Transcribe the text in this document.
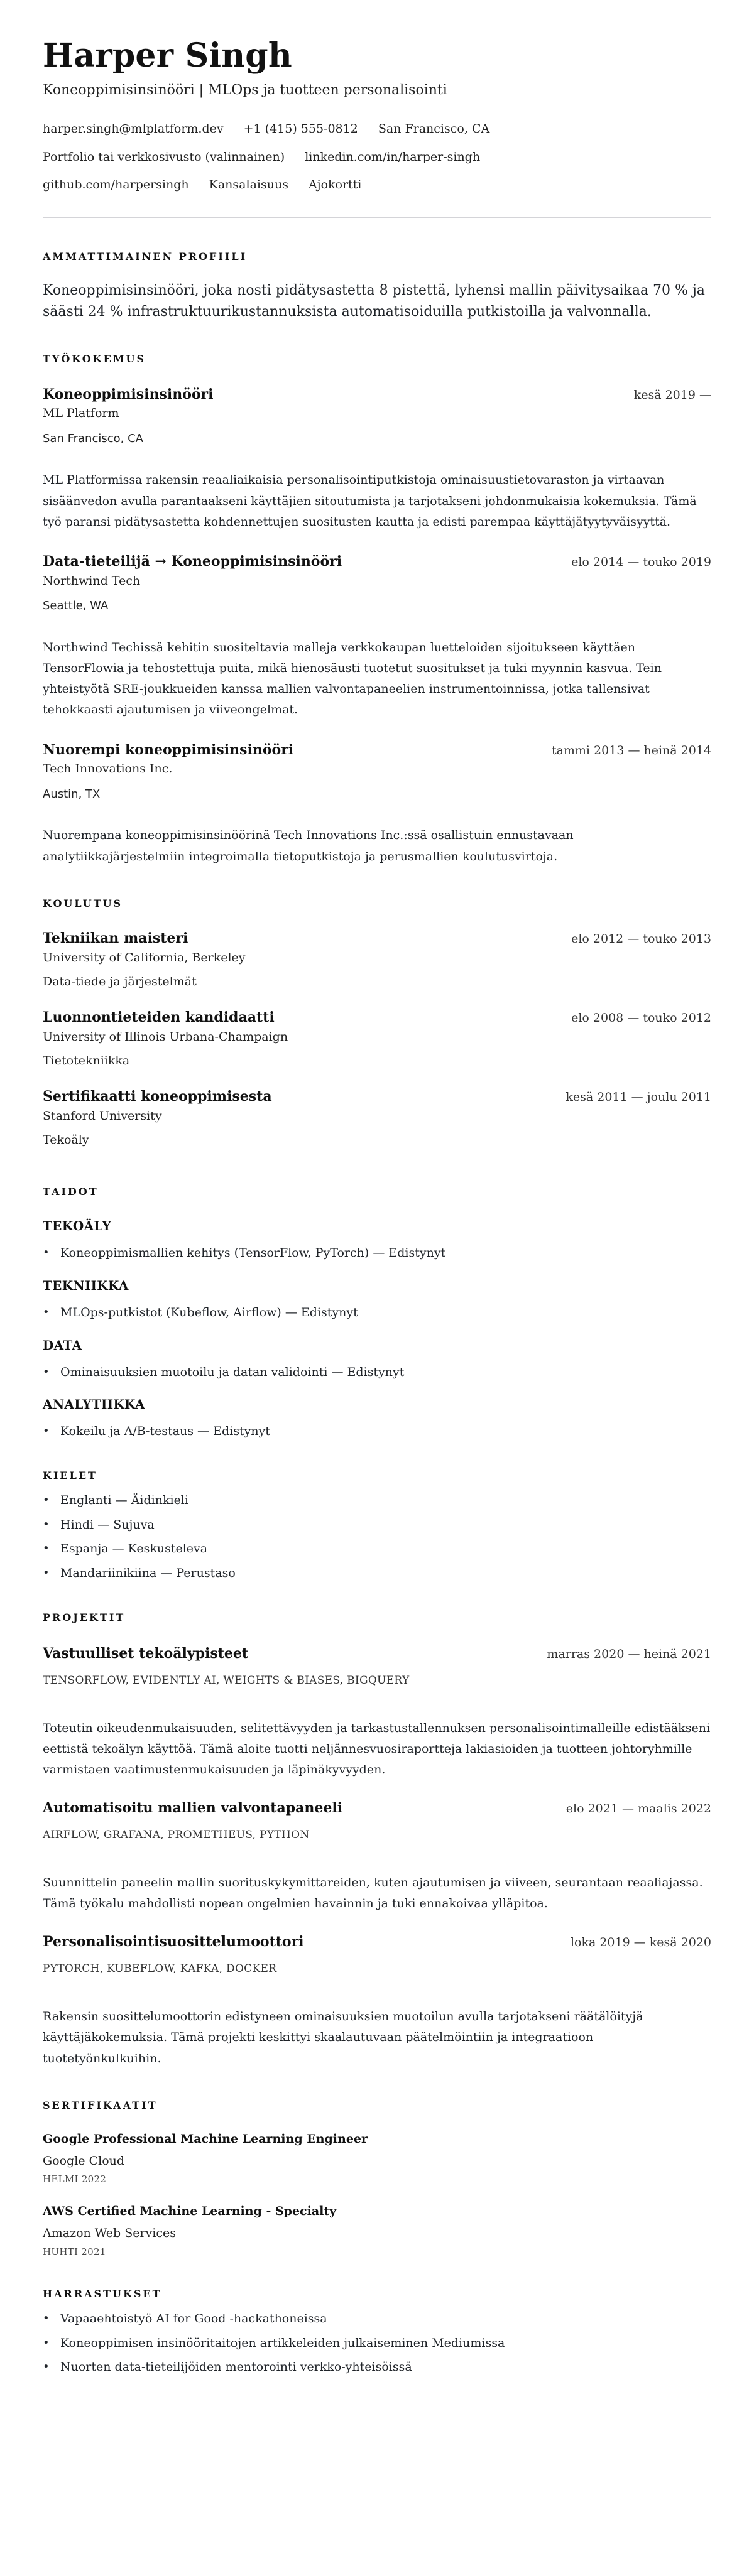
Harper Singh
Koneoppimisinsinööri | MLOps ja tuotteen personalisointi
harper.singh@mlplatform.dev +1 (415) 555-0812 San Francisco, CA
Portfolio tai verkkosivusto (valinnainen) linkedin.com/in/harper-singh
github.com/harpersingh Kansalaisuus Ajokortti
AMMATTIMAINEN PROFIILI

Koneoppimisinsinööri, joka nosti pidätysastetta 8 pistettä, lyhensi mallin päivitysaikaa 70 % ja säästi 24 % infrastruktuurikustannuksista automatisoiduilla putkistoilla ja valvonnalla.

TYÖKOKEMUS
Koneoppimisinsinööri	kesä 2019 —
ML Platform
San Francisco, CA

ML Platformissa rakensin reaaliaikaisia personalisointiputkistoja ominaisuustietovaraston ja virtaavan sisäänvedon avulla parantaakseni käyttäjien sitoutumista ja tarjotakseni johdonmukaisia kokemuksia. Tämä työ paransi pidätysastetta kohdennettujen suositusten kautta ja edisti parempaa käyttäjätyytyväisyyttä.

Data-tieteilijä → Koneoppimisinsinööri	elo 2014 — touko 2019
Northwind Tech
Seattle, WA

Northwind Techissä kehitin suositeltavia malleja verkkokaupan luetteloiden sijoitukseen käyttäen TensorFlowia ja tehostettuja puita, mikä hienosäusti tuotetut suositukset ja tuki myynnin kasvua. Tein yhteistyötä SRE-joukkueiden kanssa mallien valvontapaneelien instrumentoinnissa, jotka tallensivat tehokkaasti ajautumisen ja viiveongelmat.

Nuorempi koneoppimisinsinööri	tammi 2013 — heinä 2014
Tech Innovations Inc.
Austin, TX

Nuorempana koneoppimisinsinöörinä Tech Innovations Inc.:ssä osallistuin ennustavaan analytiikkajärjestelmiin integroimalla tietoputkistoja ja perusmallien koulutusvirtoja.

KOULUTUS
Tekniikan maisteri	elo 2012 — touko 2013
University of California, Berkeley
Data-tiede ja järjestelmät
Luonnontieteiden kandidaatti	elo 2008 — touko 2012
University of Illinois Urbana-Champaign
Tietotekniikka
Sertifikaatti koneoppimisesta	kesä 2011 — joulu 2011
Stanford University
Tekoäly
TAIDOT
TEKOÄLY
• Koneoppimismallien kehitys (TensorFlow, PyTorch) — Edistynyt
TEKNIIKKA
• MLOps-putkistot (Kubeflow, Airflow) — Edistynyt
DATA
• Ominaisuuksien muotoilu ja datan validointi — Edistynyt
ANALYTIIKKA
• Kokeilu ja A/B-testaus — Edistynyt
KIELET
• Englanti — Äidinkieli
• Hindi — Sujuva
• Espanja — Keskusteleva
• Mandariinikiina — Perustaso
PROJEKTIT
Vastuulliset tekoälypisteet	marras 2020 — heinä 2021
TENSORFLOW, EVIDENTLY AI, WEIGHTS & BIASES, BIGQUERY

Toteutin oikeudenmukaisuuden, selitettävyyden ja tarkastustallennuksen personalisointimalleille edistääkseni eettistä tekoälyn käyttöä. Tämä aloite tuotti neljännesvuosiraportteja lakiasioiden ja tuotteen johtoryhmille varmistaen vaatimustenmukaisuuden ja läpinäkyvyyden.

Automatisoitu mallien valvontapaneeli	elo 2021 — maalis 2022
AIRFLOW, GRAFANA, PROMETHEUS, PYTHON

Suunnittelin paneelin mallin suorituskykymittareiden, kuten ajautumisen ja viiveen, seurantaan reaaliajassa. Tämä työkalu mahdollisti nopean ongelmien havainnin ja tuki ennakoivaa ylläpitoa.

Personalisointisuosittelumoottori	loka 2019 — kesä 2020
PYTORCH, KUBEFLOW, KAFKA, DOCKER

Rakensin suosittelumoottorin edistyneen ominaisuuksien muotoilun avulla tarjotakseni räätälöityjä käyttäjäkokemuksia. Tämä projekti keskittyi skaalautuvaan päätelmöintiin ja integraatioon tuotetyönkulkuihin.

SERTIFIKAATIT
Google Professional Machine Learning Engineer
Google Cloud
HELMI 2022
AWS Certified Machine Learning - Specialty
Amazon Web Services
HUHTI 2021
HARRASTUKSET
• Vapaaehtoistyö AI for Good -hackathoneissa
• Koneoppimisen insinööritaitojen artikkeleiden julkaiseminen Mediumissa
• Nuorten data-tieteilijöiden mentorointi verkko-yhteisöissä
